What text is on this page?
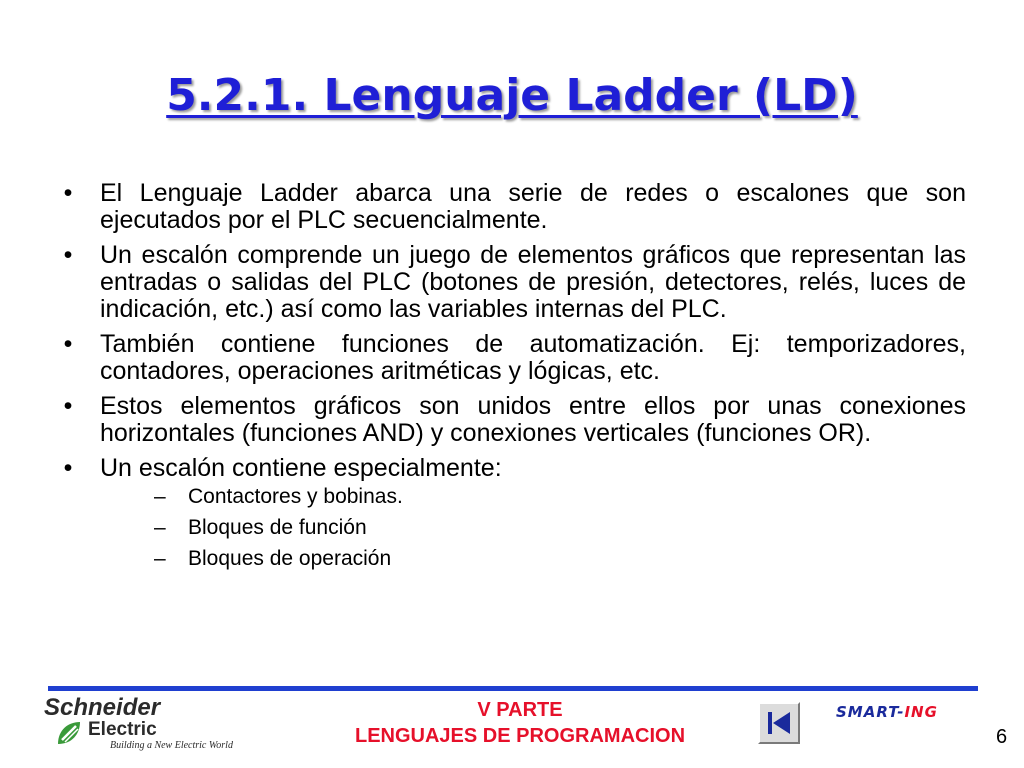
5.2.1. Lenguaje Ladder (LD)
• El Lenguaje Ladder abarca una serie de redes o escalones que son ejecutados por el PLC secuencialmente.
• Un escalón comprende un juego de elementos gráficos que representan las entradas o salidas del PLC (botones de presión, detectores, relés, luces de indicación, etc.) así como las variables internas del PLC.
• También contiene funciones de automatización. Ej: temporizadores, contadores, operaciones aritméticas y lógicas, etc.
• Estos elementos gráficos son unidos entre ellos por unas conexiones horizontales (funciones AND) y conexiones verticales (funciones OR).
• Un escalón contiene especialmente:
– Contactores y bobinas.
– Bloques de función
– Bloques de operación
Schneider
Electric
Building a New Electric World
V PARTE
LENGUAJES DE PROGRAMACION
SMART-ING
6
